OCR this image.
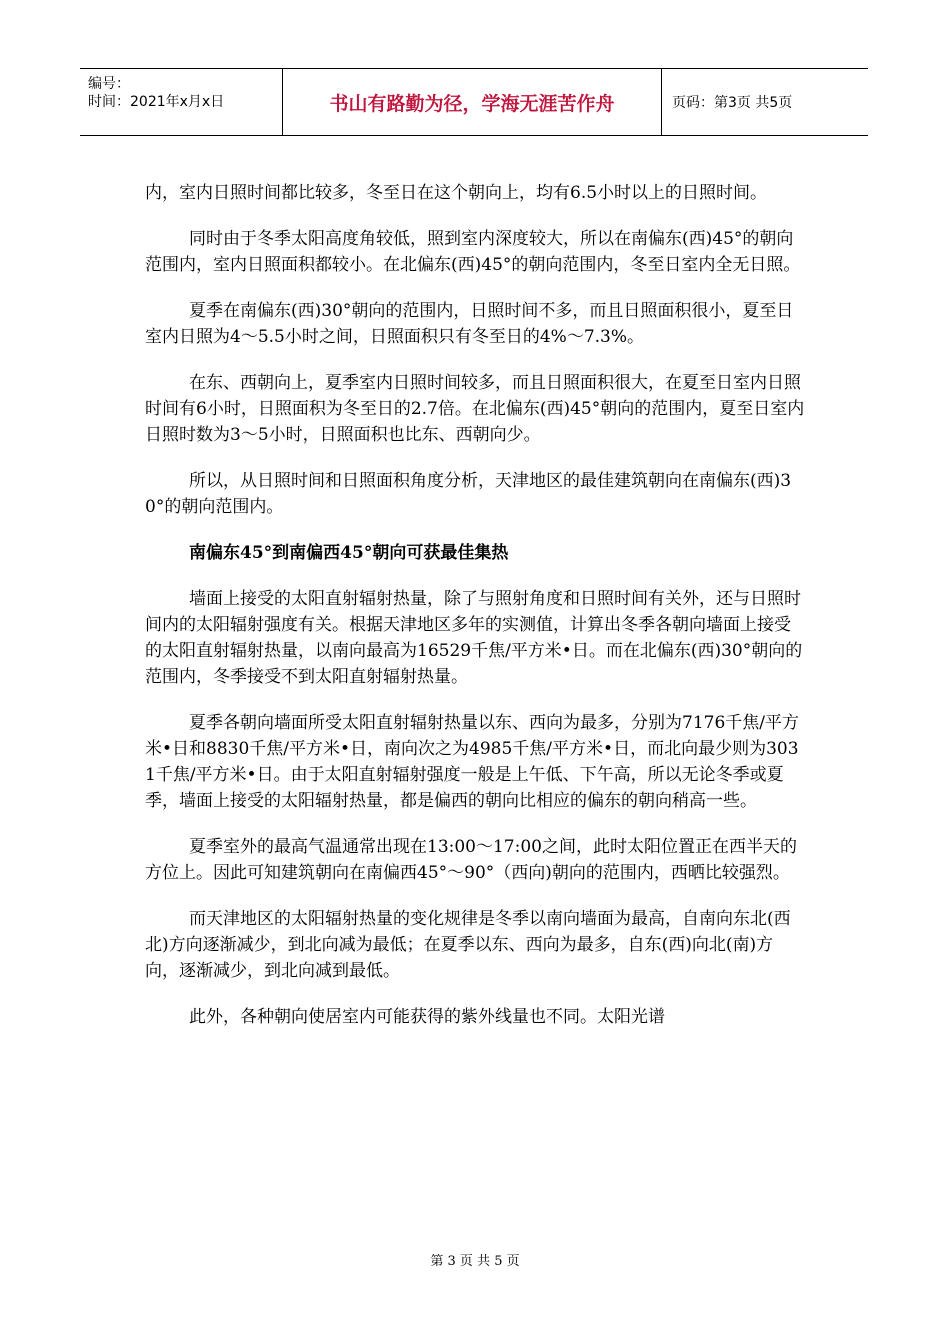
编号：
时间：2021年x月x日	书山有路勤为径，学海无涯苦作舟	页码：第3页 共5页

内，室内日照时间都比较多，冬至日在这个朝向上，均有6.5小时以上的日照时间。

同时由于冬季太阳高度角较低，照到室内深度较大，所以在南偏东(西)45°的朝向范围内，室内日照面积都较小。在北偏东(西)45°的朝向范围内，冬至日室内全无日照。

夏季在南偏东(西)30°朝向的范围内，日照时间不多，而且日照面积很小，夏至日室内日照为4～5.5小时之间，日照面积只有冬至日的4%～7.3%。

在东、西朝向上，夏季室内日照时间较多，而且日照面积很大，在夏至日室内日照时间有6小时，日照面积为冬至日的2.7倍。在北偏东(西)45°朝向的范围内，夏至日室内日照时数为3～5小时，日照面积也比东、西朝向少。

所以，从日照时间和日照面积角度分析，天津地区的最佳建筑朝向在南偏东(西)30°的朝向范围内。

南偏东45°到南偏西45°朝向可获最佳集热

墙面上接受的太阳直射辐射热量，除了与照射角度和日照时间有关外，还与日照时间内的太阳辐射强度有关。根据天津地区多年的实测值，计算出冬季各朝向墙面上接受的太阳直射辐射热量，以南向最高为16529千焦/平方米•日。而在北偏东(西)30°朝向的范围内，冬季接受不到太阳直射辐射热量。

夏季各朝向墙面所受太阳直射辐射热量以东、西向为最多，分别为7176千焦/平方米•日和8830千焦/平方米•日，南向次之为4985千焦/平方米•日，而北向最少则为3031千焦/平方米•日。由于太阳直射辐射强度一般是上午低、下午高，所以无论冬季或夏季，墙面上接受的太阳辐射热量，都是偏西的朝向比相应的偏东的朝向稍高一些。

夏季室外的最高气温通常出现在13:00～17:00之间，此时太阳位置正在西半天的方位上。因此可知建筑朝向在南偏西45°～90°（西向)朝向的范围内，西晒比较强烈。

而天津地区的太阳辐射热量的变化规律是冬季以南向墙面为最高，自南向东北(西北)方向逐渐减少，到北向减为最低；在夏季以东、西向为最多，自东(西)向北(南)方向，逐渐减少，到北向减到最低。

此外，各种朝向使居室内可能获得的紫外线量也不同。太阳光谱

第 3 页 共 5 页
